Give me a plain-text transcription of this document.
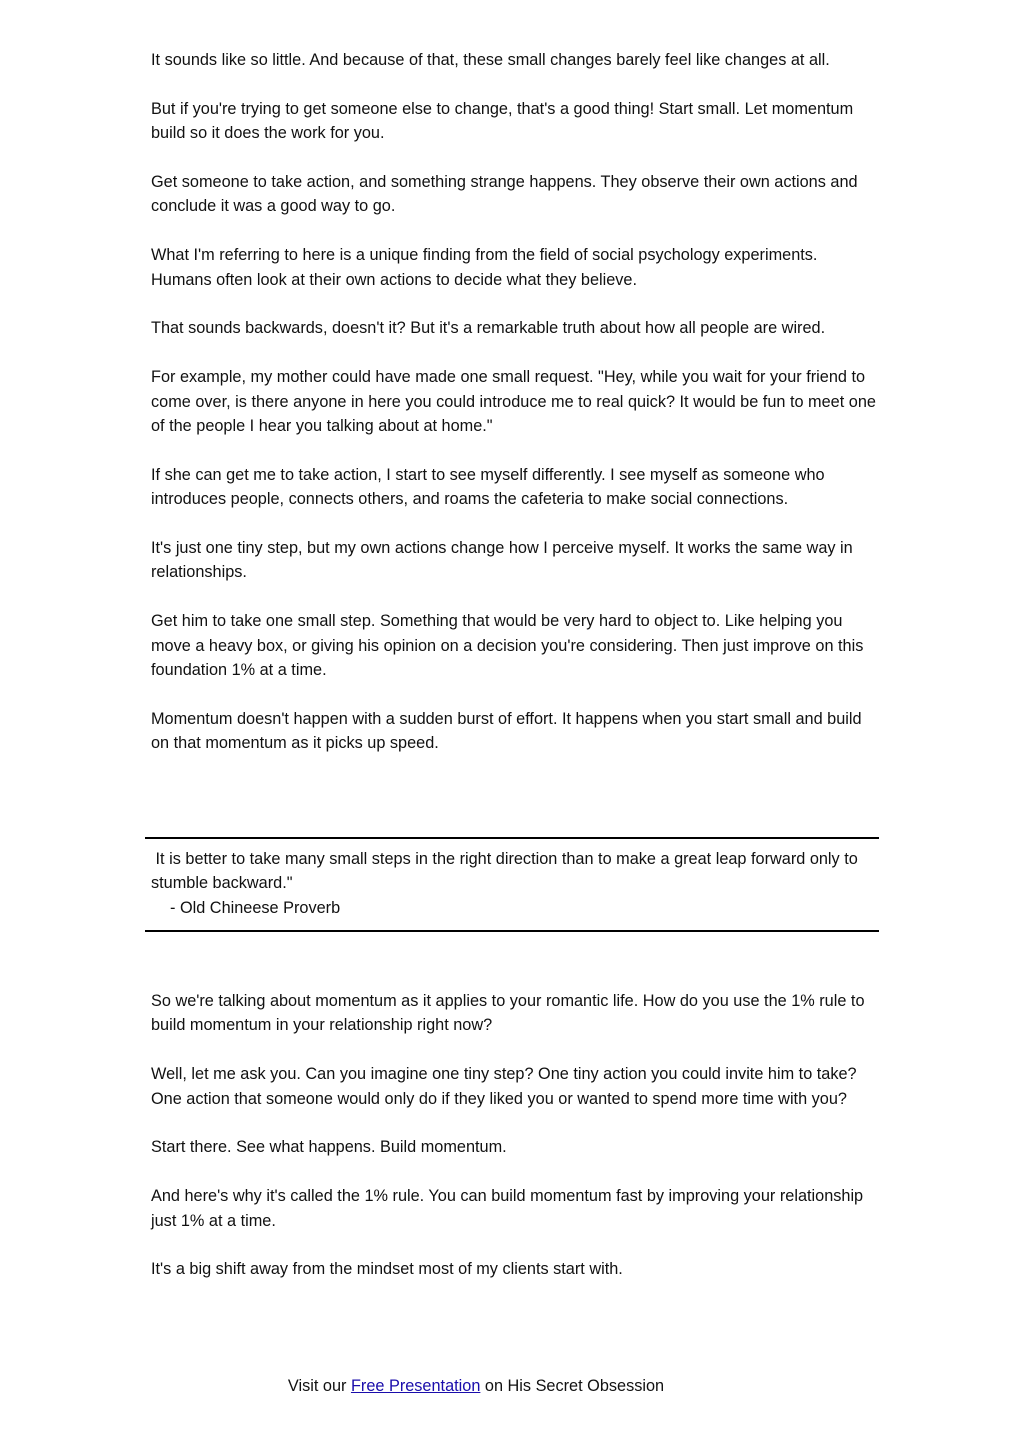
It sounds like so little. And because of that, these small changes barely feel like changes at all.

But if you're trying to get someone else to change, that's a good thing! Start small. Let momentum build so it does the work for you.

Get someone to take action, and something strange happens. They observe their own actions and conclude it was a good way to go.

What I'm referring to here is a unique finding from the field of social psychology experiments. Humans often look at their own actions to decide what they believe.

That sounds backwards, doesn't it? But it's a remarkable truth about how all people are wired.

For example, my mother could have made one small request. "Hey, while you wait for your friend to come over, is there anyone in here you could introduce me to real quick? It would be fun to meet one of the people I hear you talking about at home."

If she can get me to take action, I start to see myself differently. I see myself as someone who introduces people, connects others, and roams the cafeteria to make social connections.

It's just one tiny step, but my own actions change how I perceive myself. It works the same way in relationships.

Get him to take one small step. Something that would be very hard to object to. Like helping you move a heavy box, or giving his opinion on a decision you're considering. Then just improve on this foundation 1% at a time.

Momentum doesn't happen with a sudden burst of effort. It happens when you start small and build on that momentum as it picks up speed.

It is better to take many small steps in the right direction than to make a great leap forward only to stumble backward."

- Old Chineese Proverb

So we're talking about momentum as it applies to your romantic life. How do you use the 1% rule to build momentum in your relationship right now?

Well, let me ask you. Can you imagine one tiny step? One tiny action you could invite him to take? One action that someone would only do if they liked you or wanted to spend more time with you?

Start there. See what happens. Build momentum.

And here's why it's called the 1% rule. You can build momentum fast by improving your relationship just 1% at a time.

It's a big shift away from the mindset most of my clients start with.

Visit our Free Presentation on His Secret Obsession
